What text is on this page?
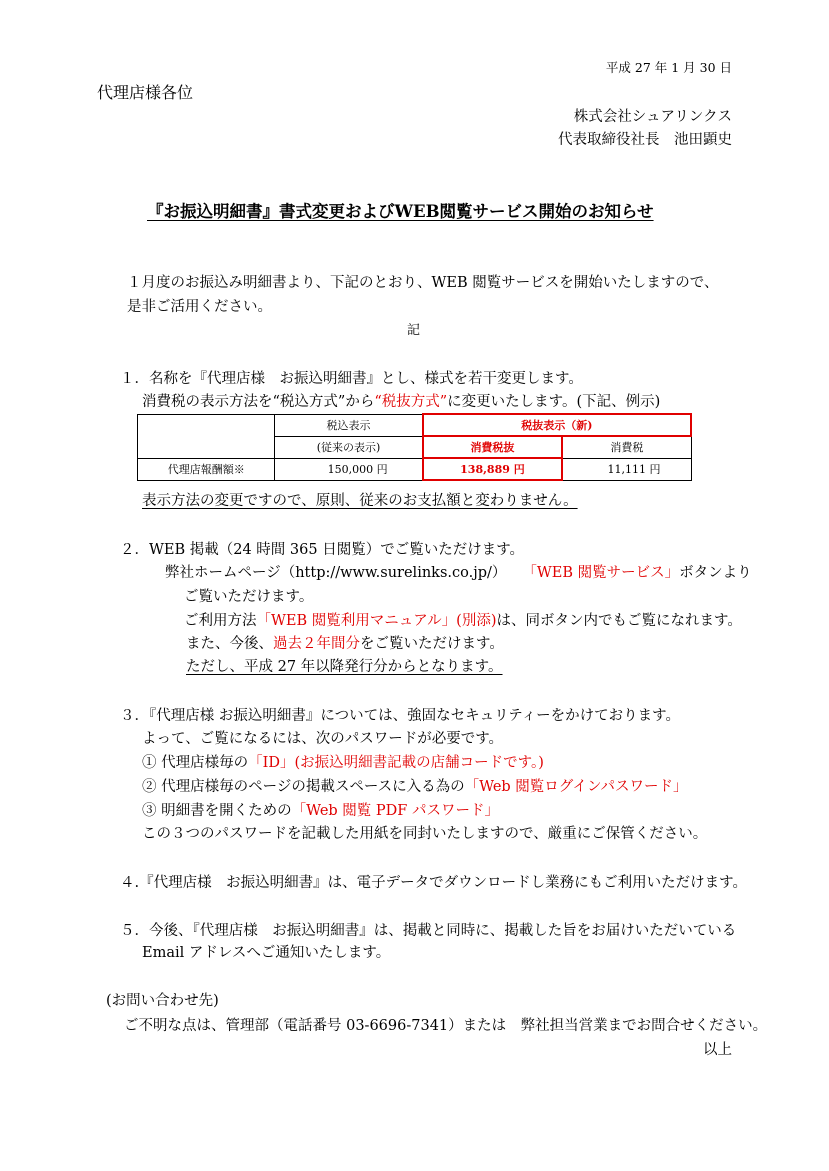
平成 27 年 1 月 30 日
代理店様各位
株式会社シュアリンクス
代表取締役社長　池田顕史
『お振込明細書』書式変更およびWEB閲覧サービス開始のお知らせ
１月度のお振込み明細書より、下記のとおり、WEB 閲覧サービスを開始いたしますので、
是非ご活用ください。
記
１．名称を『代理店様　お振込明細書』とし、様式を若干変更します。
消費税の表示方法を“税込方式”から“税抜方式”に変更いたします。(下記、例示)
	税込表示	税抜表示（新)	
	(従来の表示)	消費税抜	消費税
代理店報酬額※	150,000 円	138,889 円	11,111 円
表示方法の変更ですので、原則、従来のお支払額と変わりません。
２．WEB 掲載（24 時間 365 日閲覧）でご覧いただけます。
弊社ホームページ（http://www.surelinks.co.jp/） 「WEB 閲覧サービス」ボタンより
ご覧いただけます。
ご利用方法「WEB 閲覧利用マニュアル」(別添)は、同ボタン内でもご覧になれます。
また、今後、過去２年間分をご覧いただけます。
ただし、平成 27 年以降発行分からとなります。
３．『代理店様 お振込明細書』については、強固なセキュリティーをかけております。
よって、ご覧になるには、次のパスワードが必要です。
① 代理店様毎の「ID」(お振込明細書記載の店舗コードです。)
② 代理店様毎のページの掲載スペースに入る為の「Web 閲覧ログインパスワード」
③ 明細書を開くための「Web 閲覧 PDF パスワード」
この３つのパスワードを記載した用紙を同封いたしますので、厳重にご保管ください。
４.『代理店様　お振込明細書』は、電子データでダウンロードし業務にもご利用いただけます。
５．今後、『代理店様　お振込明細書』は、掲載と同時に、掲載した旨をお届けいただいている
Email アドレスへご通知いたします。
(お問い合わせ先)
ご不明な点は、管理部（電話番号 03-6696-7341）または　弊社担当営業までお問合せください。
以上
